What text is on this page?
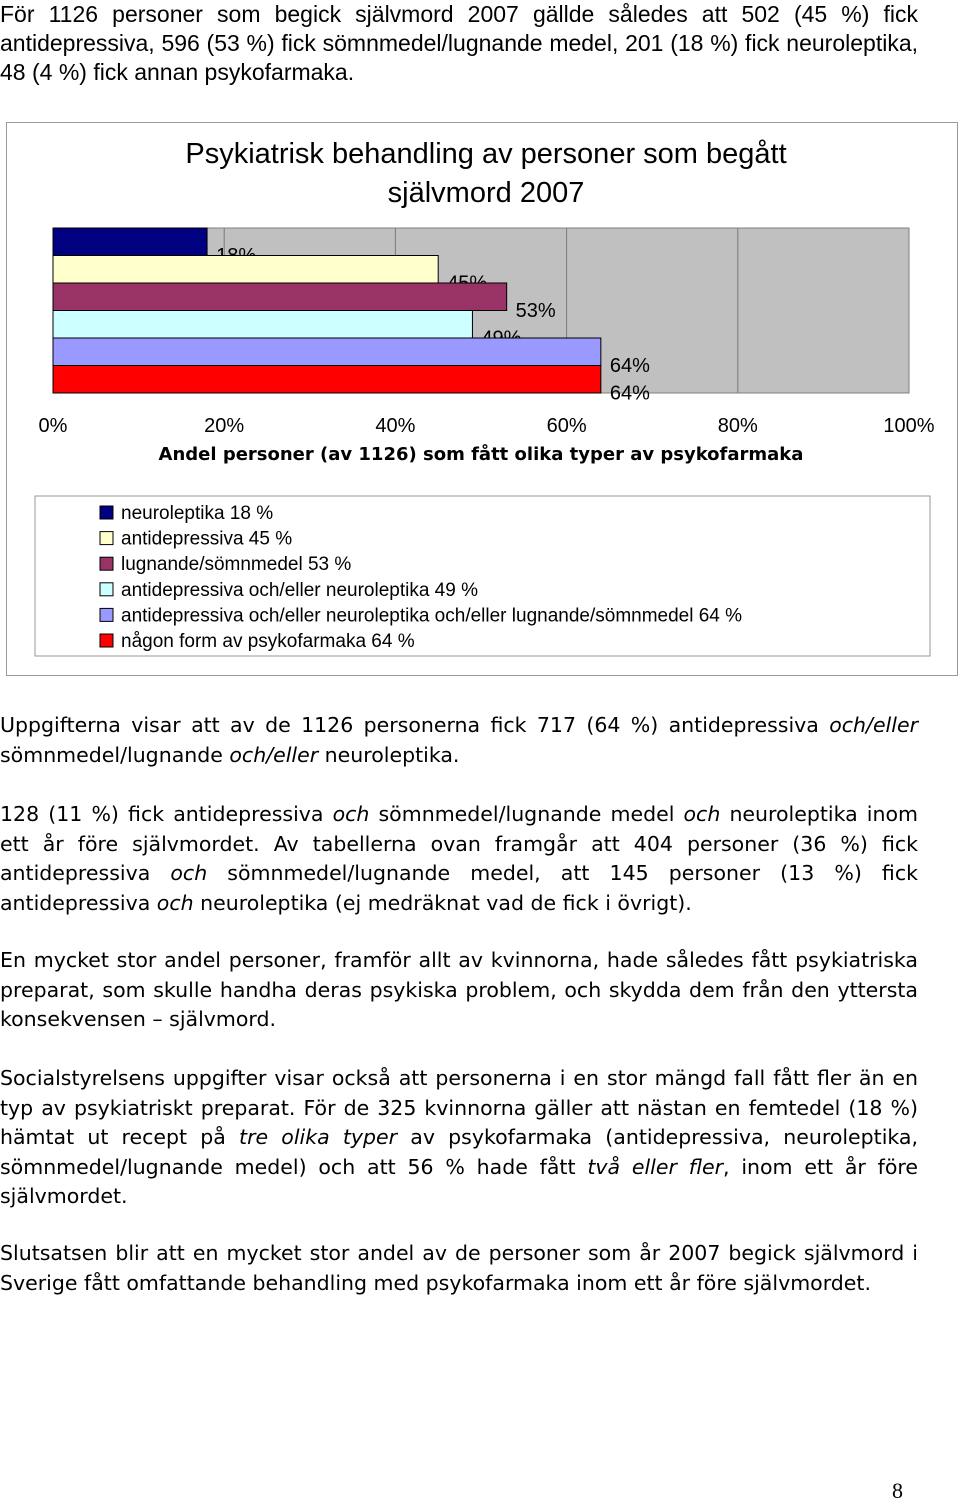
För 1126 personer som begick självmord 2007 gällde således att 502 (45 %) fick antidepressiva, 596 (53 %) fick sömnmedel/lugnande medel, 201 (18 %) fick neuroleptika, 48 (4 %) fick annan psykofarmaka.

Psykiatrisk behandling av personer som begått
självmord 2007
53%
64%
64%
0%	20%	40%	60%	80%	100%
Andel personer (av 1126) som fått olika typer av psykofarmaka
neuroleptika 18 %
antidepressiva 45 %
lugnande/sömnmedel 53 %
antidepressiva och/eller neuroleptika 49 %
antidepressiva och/eller neuroleptika och/eller lugnande/sömnmedel 64 %
någon form av psykofarmaka 64 %

Uppgifterna visar att av de 1126 personerna fick 717 (64 %) antidepressiva och/eller sömnmedel/lugnande och/eller neuroleptika.

128 (11 %) fick antidepressiva och sömnmedel/lugnande medel och neuroleptika inom ett år före självmordet. Av tabellerna ovan framgår att 404 personer (36 %) fick antidepressiva och sömnmedel/lugnande medel, att 145 personer (13 %) fick antidepressiva och neuroleptika (ej medräknat vad de fick i övrigt).

En mycket stor andel personer, framför allt av kvinnorna, hade således fått psykiatriska preparat, som skulle handha deras psykiska problem, och skydda dem från den yttersta konsekvensen – självmord.

Socialstyrelsens uppgifter visar också att personerna i en stor mängd fall fått fler än en typ av psykiatriskt preparat. För de 325 kvinnorna gäller att nästan en femtedel (18 %) hämtat ut recept på tre olika typer av psykofarmaka (antidepressiva, neuroleptika, sömnmedel/lugnande medel) och att 56 % hade fått två eller fler, inom ett år före självmordet.

Slutsatsen blir att en mycket stor andel av de personer som år 2007 begick självmord i Sverige fått omfattande behandling med psykofarmaka inom ett år före självmordet.

8
